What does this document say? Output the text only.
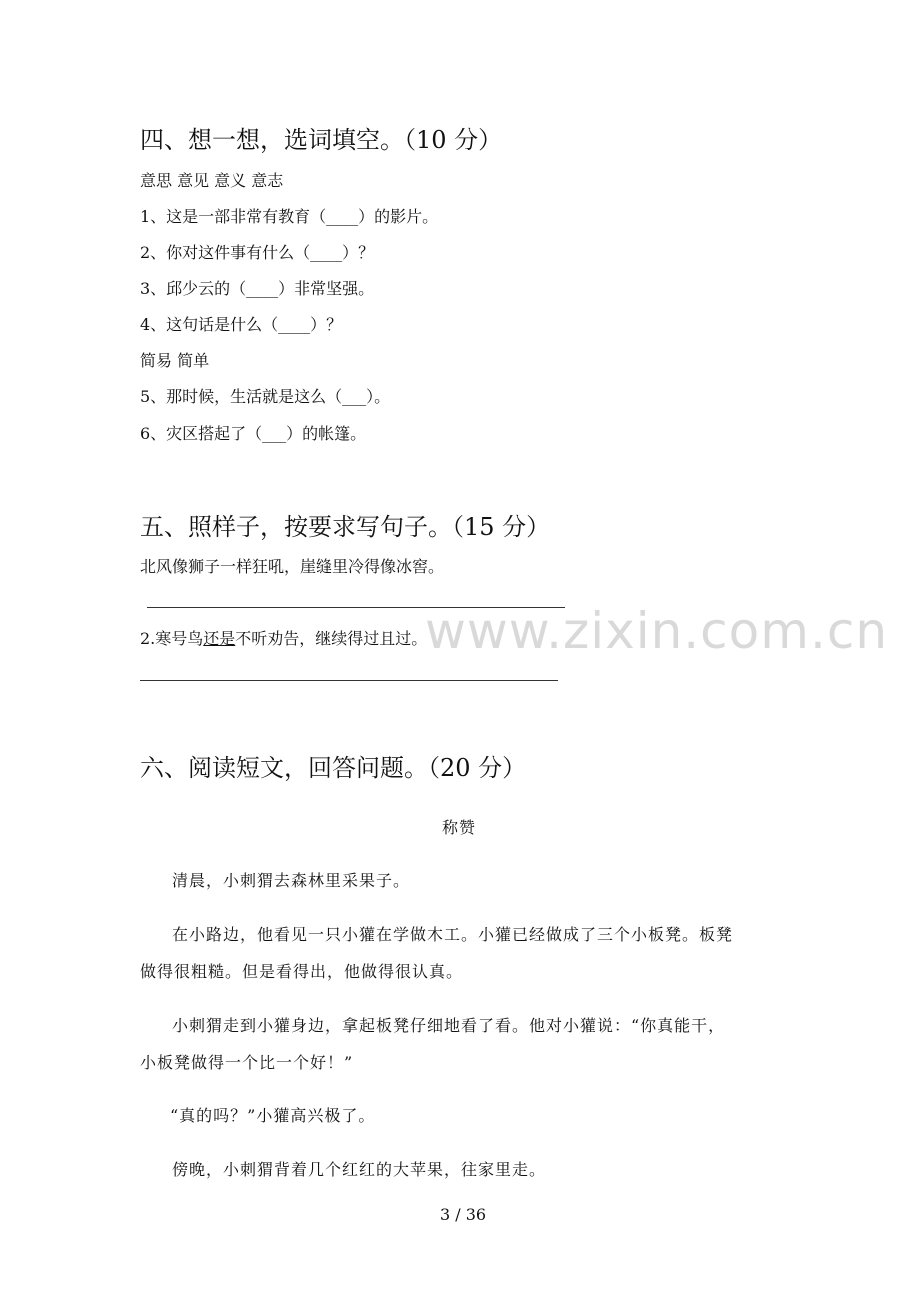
www.zixin.com.cn
四、想一想，选词填空。（10 分）
意思 意见 意义 意志
1、这是一部非常有教育（____）的影片。
2、你对这件事有什么（____）？
3、邱少云的（____）非常坚强。
4、这句话是什么（____）？
简易 简单
5、那时候，生活就是这么（___）。
6、灾区搭起了（___）的帐篷。
五、照样子，按要求写句子。（15 分）
北风像狮子一样狂吼，崖缝里冷得像冰窖。
2.寒号鸟还是不听劝告，继续得过且过。
六、阅读短文，回答问题。（20 分）
称赞
清晨，小刺猬去森林里采果子。
在小路边，他看见一只小獾在学做木工。小獾已经做成了三个小板凳。板凳
做得很粗糙。但是看得出，他做得很认真。
小刺猬走到小獾身边，拿起板凳仔细地看了看。他对小獾说：“你真能干，
小板凳做得一个比一个好！”
“真的吗？”小獾高兴极了。
傍晚，小刺猬背着几个红红的大苹果，往家里走。
3 / 36
